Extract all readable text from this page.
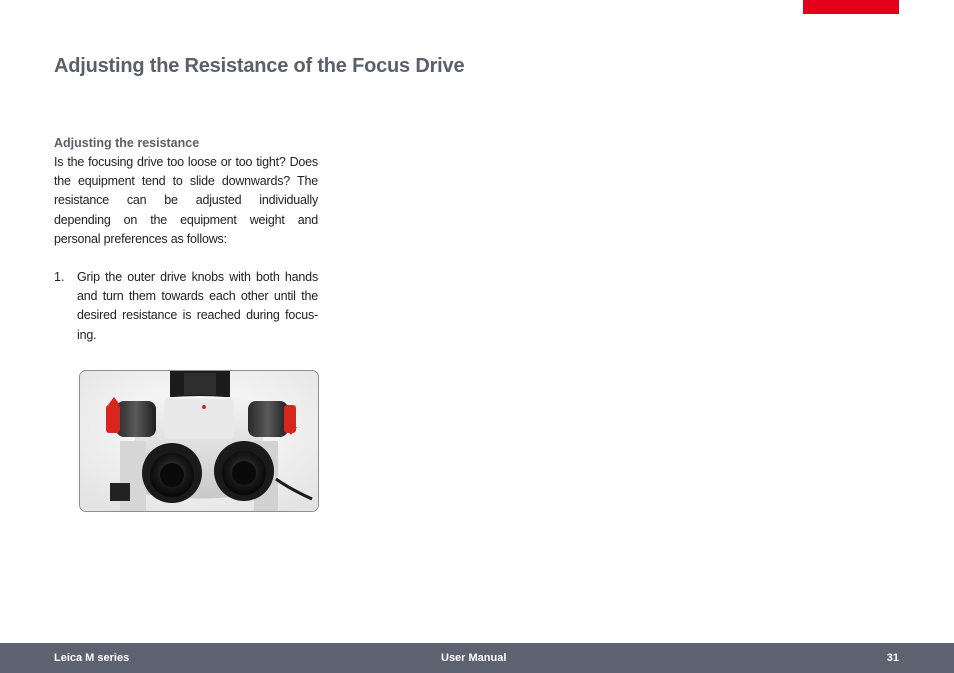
Adjusting the Resistance of the Focus Drive
Adjusting the resistance

Is the focusing drive too loose or too tight? Does the equipment tend to slide downwards? The resistance can be adjusted individually depending on the equipment weight and personal preferences as follows:

1.	Grip the outer drive knobs with both hands and turn them towards each other until the desired resistance is reached during focus-ing.
Leica M series	User Manual	31
